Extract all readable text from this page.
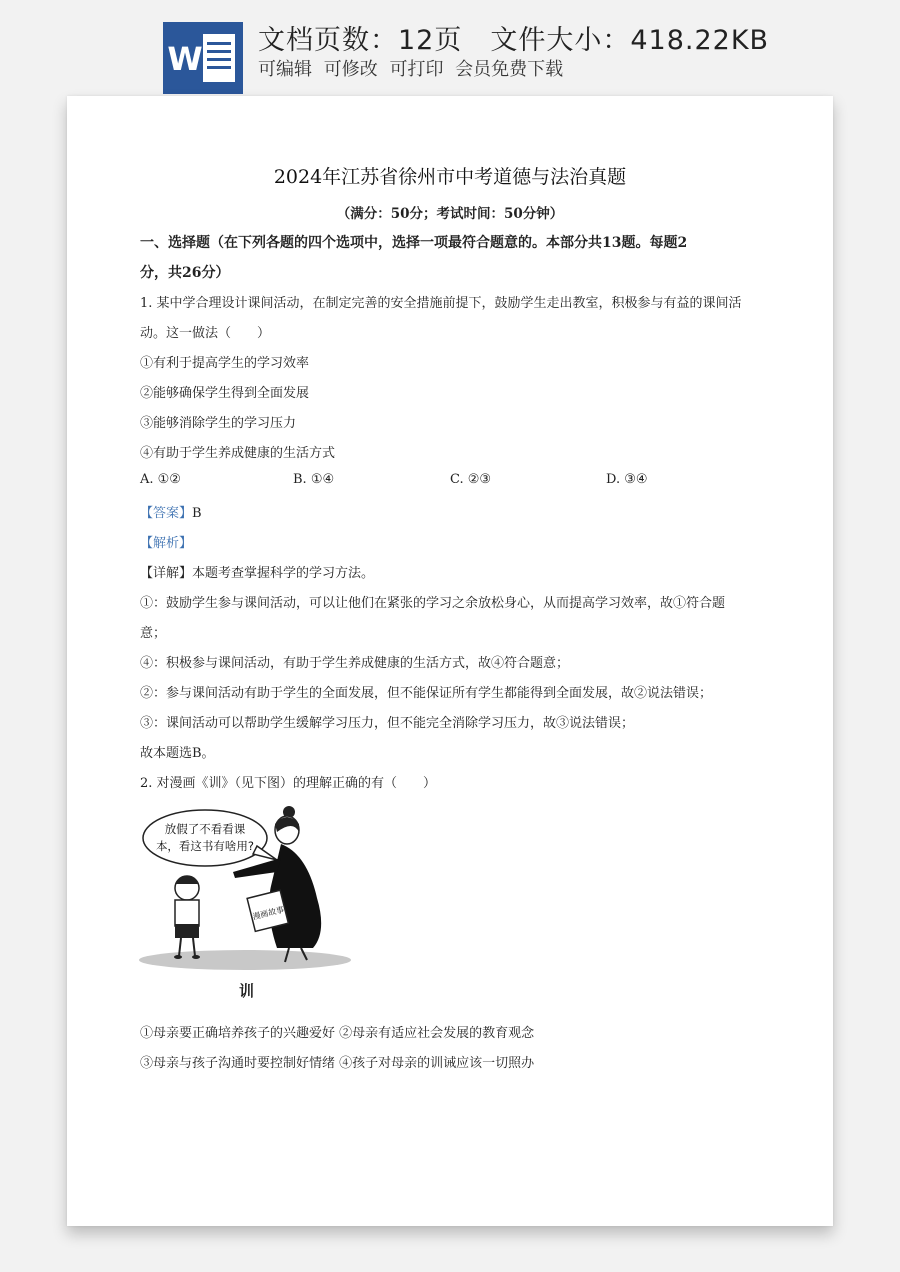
W 文档页数：12页 文件大小：418.22KB
可编辑 可修改 可打印 会员免费下载
2024年江苏省徐州市中考道德与法治真题
（满分：50分；考试时间：50分钟）
一、选择题（在下列各题的四个选项中，选择一项最符合题意的。本部分共13题。每题2
分，共26分）
1. 某中学合理设计课间活动，在制定完善的安全措施前提下，鼓励学生走出教室，积极参与有益的课间活
动。这一做法（　　）
①有利于提高学生的学习效率
②能够确保学生得到全面发展
③能够消除学生的学习压力
④有助于学生养成健康的生活方式
A. ①②	B. ①④	C. ②③	D. ③④
【答案】B
【解析】
【详解】本题考查掌握科学的学习方法。
①：鼓励学生参与课间活动，可以让他们在紧张的学习之余放松身心，从而提高学习效率，故①符合题
意；
④：积极参与课间活动，有助于学生养成健康的生活方式，故④符合题意；
②：参与课间活动有助于学生的全面发展，但不能保证所有学生都能得到全面发展，故②说法错误；
③：课间活动可以帮助学生缓解学习压力，但不能完全消除学习压力，故③说法错误；
故本题选B。
2. 对漫画《训》（见下图）的理解正确的有（　　）
放假了不看看课
本，看这书有啥用?
漫画故事
训
①母亲要正确培养孩子的兴趣爱好 ②母亲有适应社会发展的教育观念
③母亲与孩子沟通时要控制好情绪 ④孩子对母亲的训诫应该一切照办
